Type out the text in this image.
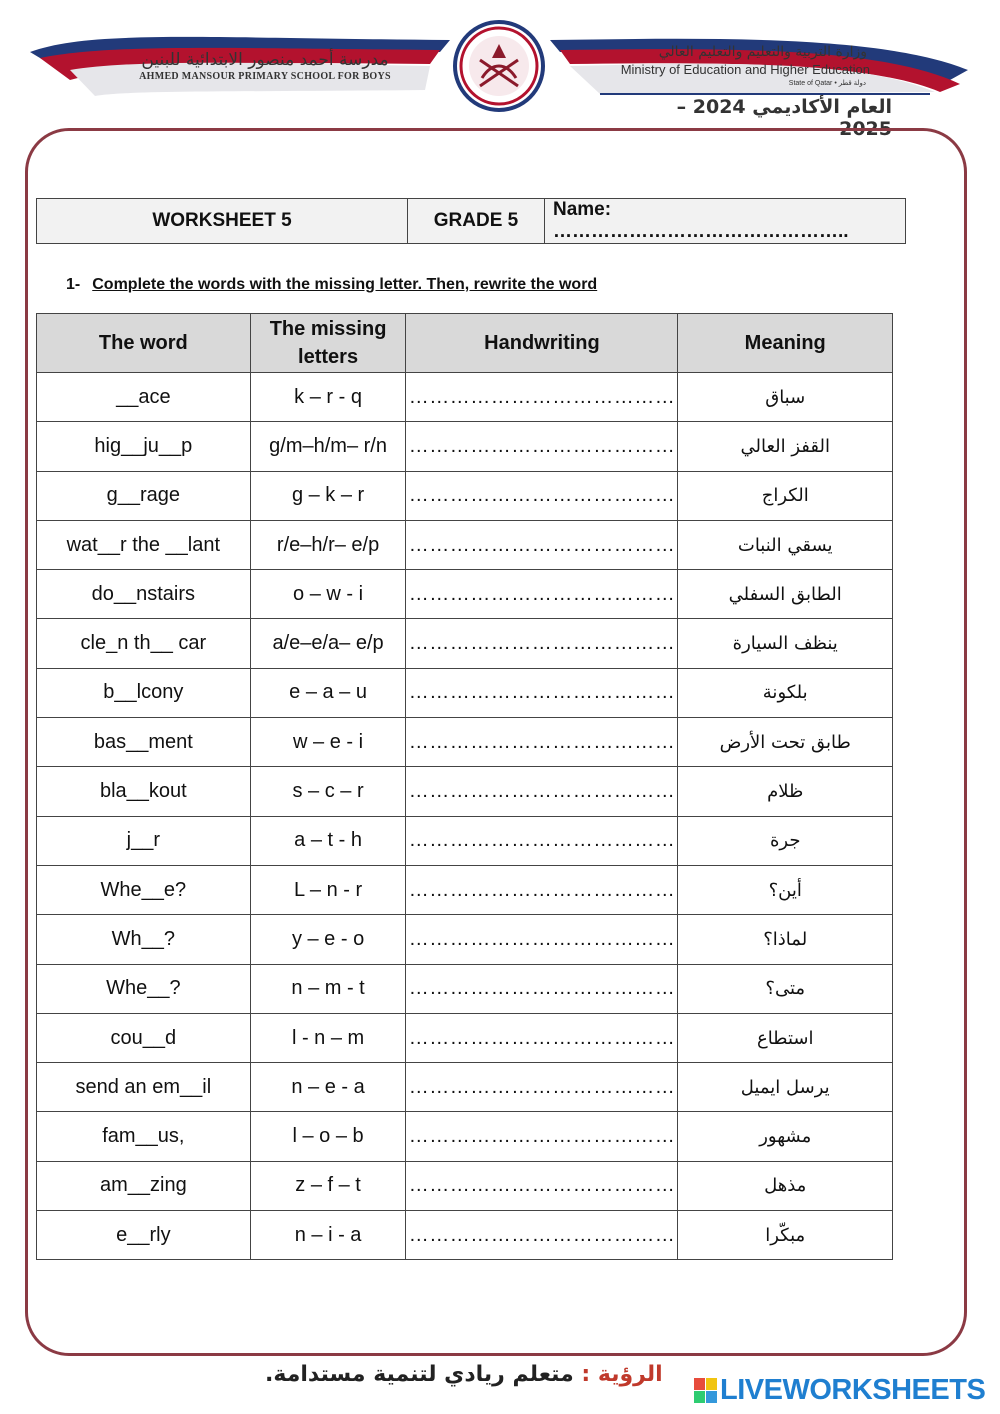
مدرسة أحمد منصور الابتدائية للبنين
AHMED MANSOUR PRIMARY SCHOOL FOR BOYS
وزارة التربية والتعليم والتعليم العالي
Ministry of Education and Higher Education
State of Qatar • دولة قطر
العام الأكاديمي 2024 – 2025
WORKSHEET 5	GRADE 5	Name: ………………………………………..
1- Complete the words with the missing letter. Then, rewrite the word
The word	The missing letters	Handwriting	Meaning
__ace	k – r - q	…………………………………	سباق
hig__ju__p	g/m–h/m– r/n	…………………………………	القفز العالي
g__rage	g – k – r	…………………………………	الكراج
wat__r the __lant	r/e–h/r– e/p	…………………………………	يسقي النبات
do__nstairs	o – w - i	…………………………………	الطابق السفلي
cle_n th__ car	a/e–e/a– e/p	…………………………………	ينظف السيارة
b__lcony	e – a – u	…………………………………	بلكونة
bas__ment	w – e - i	…………………………………	طابق تحت الأرض
bla__kout	s – c – r	…………………………………	ظلام
j__r	a – t - h	…………………………………	جرة
Whe__e?	L – n - r	…………………………………	أين؟
Wh__?	y – e - o	…………………………………	لماذا؟
Whe__?	n – m - t	…………………………………	متى؟
cou__d	l - n – m	…………………………………	استطاع
send an em__il	n – e - a	…………………………………	يرسل ايميل
fam__us,	l – o – b	…………………………………	مشهور
am__zing	z – f – t	…………………………………	مذهل
e__rly	n – i - a	…………………………………	مبكّرا
الرؤية : متعلم ريادي لتنمية مستدامة.	LIVEWORKSHEETS
